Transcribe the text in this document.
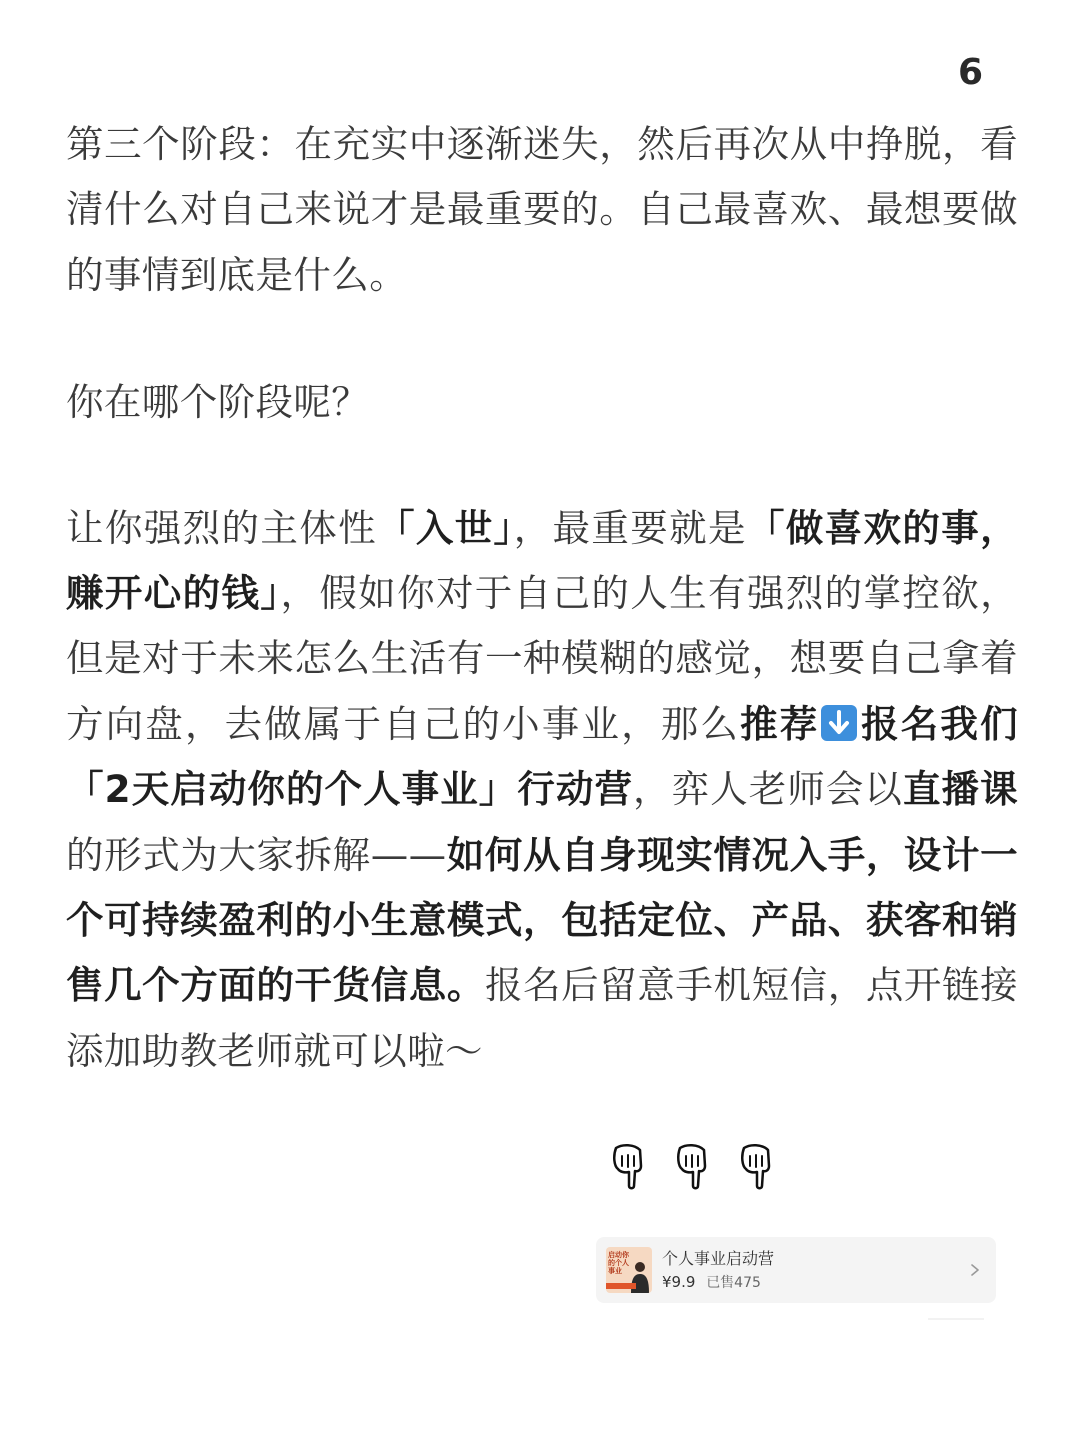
6

第三个阶段：在充实中逐渐迷失，然后再次从中挣脱，看清什么对自己来说才是最重要的。自己最喜欢、最想要做的事情到底是什么。

你在哪个阶段呢？

让你强烈的主体性「入世」，最重要就是「做喜欢的事，赚开心的钱」，假如你对于自己的人生有强烈的掌控欲，但是对于未来怎么生活有一种模糊的感觉，想要自己拿着方向盘，去做属于自己的小事业，那么推荐 报名我们「2天启动你的个人事业」行动营，弈人老师会以直播课的形式为大家拆解——如何从自身现实情况入手，设计一个可持续盈利的小生意模式，包括定位、产品、获客和销售几个方面的干货信息。报名后留意手机短信，点开链接添加助教老师就可以啦～

启动你的个人事业
个人事业启动营
¥9.9 已售475
